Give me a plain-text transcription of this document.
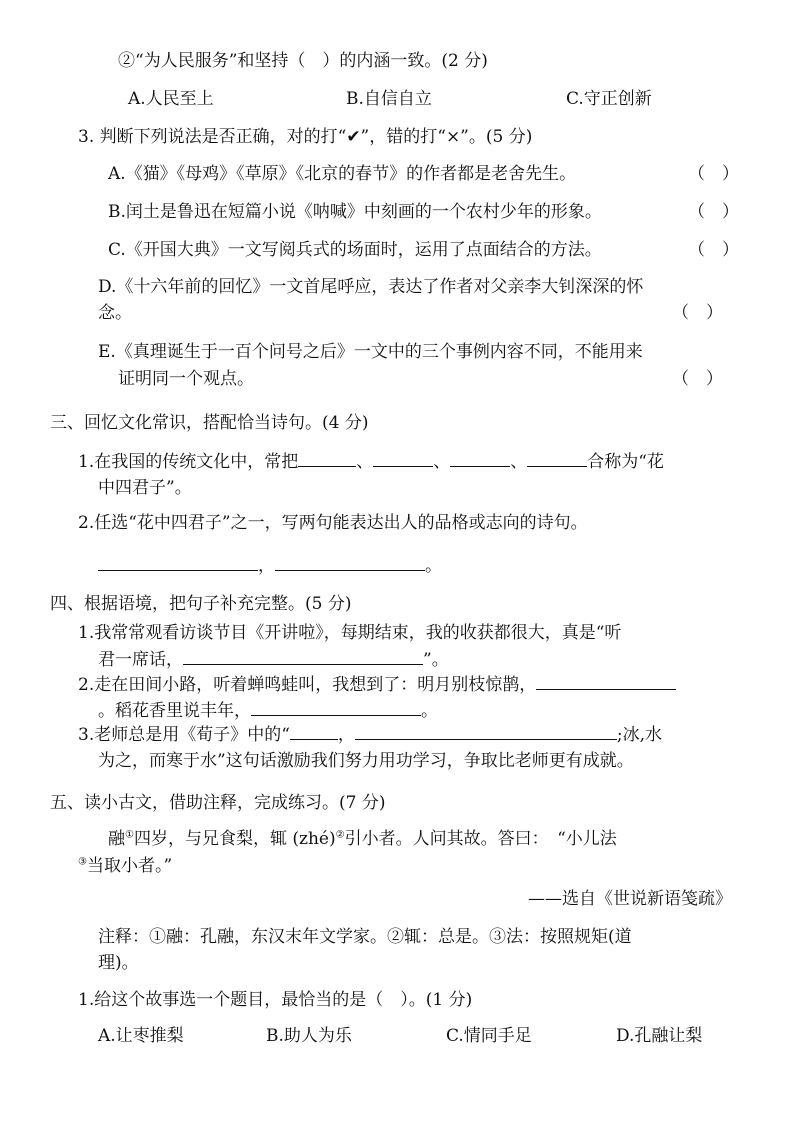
②“为人民服务”和坚持（　）的内涵一致。(2 分)
A.人民至上	B.自信自立	C.守正创新
3. 判断下列说法是否正确，对的打“✔”，错的打“×”。(5 分)
A.《猫》《母鸡》《草原》《北京的春节》的作者都是老舍先生。	（　）
B.闰土是鲁迅在短篇小说《呐喊》中刻画的一个农村少年的形象。	（　）
C.《开国大典》一文写阅兵式的场面时，运用了点面结合的方法。	（　）
D.《十六年前的回忆》一文首尾呼应，表达了作者对父亲李大钊深深的怀
念。	（　）
E.《真理诞生于一百个问号之后》一文中的三个事例内容不同，不能用来
证明同一个观点。	（　）
三、回忆文化常识，搭配恰当诗句。(4 分)
1.在我国的传统文化中，常把	、	、	、	合称为“花
中四君子”。
2.任选“花中四君子”之一，写两句能表达出人的品格或志向的诗句。
，	。
四、根据语境，把句子补充完整。(5 分)
1.我常常观看访谈节目《开讲啦》，每期结束，我的收获都很大，真是“听
君一席话，	”。
2.走在田间小路，听着蝉鸣蛙叫，我想到了：明月别枝惊鹊，
。稻花香里说丰年，	。
3.老师总是用《荀子》中的“	，	;冰,水
为之，而寒于水”这句话激励我们努力用功学习，争取比老师更有成就。
五、读小古文，借助注释，完成练习。(7 分)
融①四岁，与兄食梨，辄 (zhé)②引小者。人问其故。答曰：　“小儿法
③当取小者。”
——选自《世说新语笺疏》
注释：①融：孔融，东汉末年文学家。②辄：总是。③法：按照规矩(道
理)。
1.给这个故事选一个题目，最恰当的是（　）。(1 分)
A.让枣推梨	B.助人为乐	C.情同手足	D.孔融让梨
